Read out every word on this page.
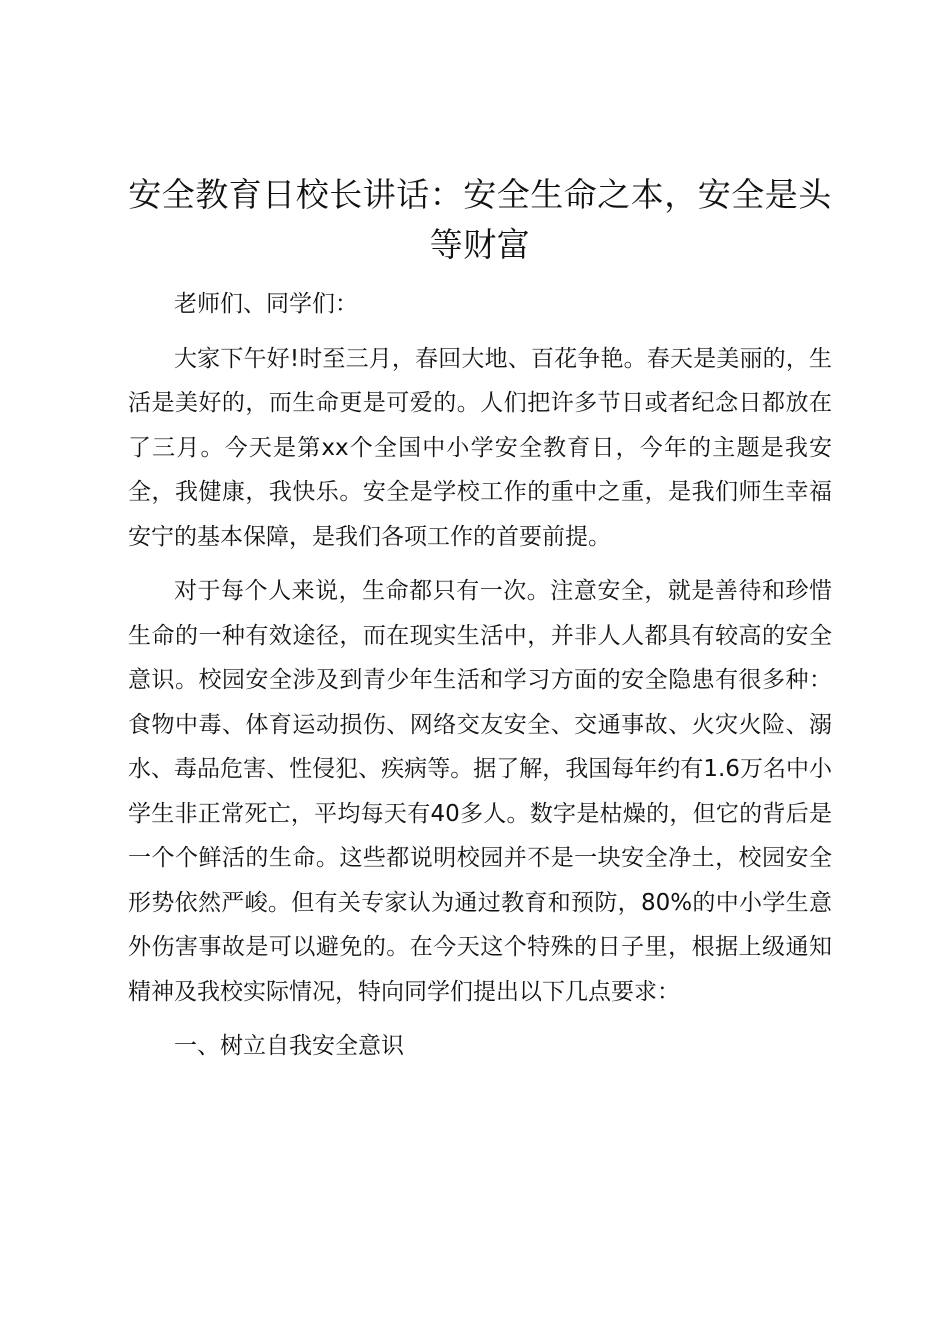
安全教育日校长讲话：安全生命之本，安全是头等财富

老师们、同学们：

大家下午好!时至三月，春回大地、百花争艳。春天是美丽的，生活是美好的，而生命更是可爱的。人们把许多节日或者纪念日都放在了三月。今天是第xx个全国中小学安全教育日，今年的主题是我安全，我健康，我快乐。安全是学校工作的重中之重，是我们师生幸福安宁的基本保障，是我们各项工作的首要前提。

对于每个人来说，生命都只有一次。注意安全，就是善待和珍惜生命的一种有效途径，而在现实生活中，并非人人都具有较高的安全意识。校园安全涉及到青少年生活和学习方面的安全隐患有很多种：食物中毒、体育运动损伤、网络交友安全、交通事故、火灾火险、溺水、毒品危害、性侵犯、疾病等。据了解，我国每年约有1.6万名中小学生非正常死亡，平均每天有40多人。数字是枯燥的，但它的背后是一个个鲜活的生命。这些都说明校园并不是一块安全净土，校园安全形势依然严峻。但有关专家认为通过教育和预防，80%的中小学生意外伤害事故是可以避免的。在今天这个特殊的日子里，根据上级通知精神及我校实际情况，特向同学们提出以下几点要求：

一、树立自我安全意识
